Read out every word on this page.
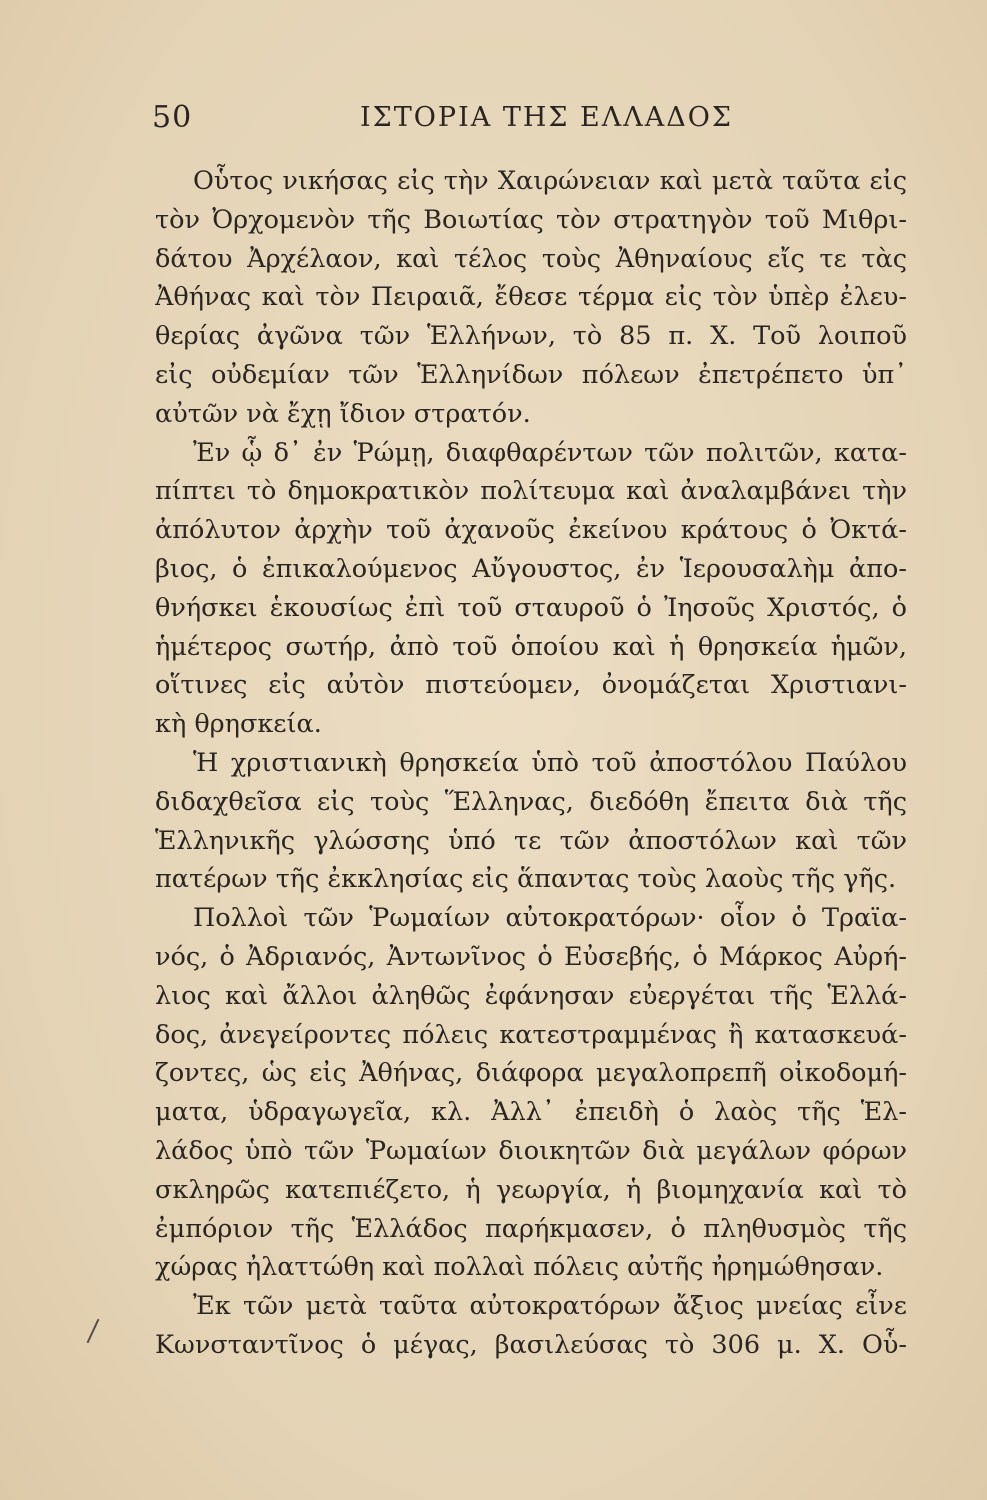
50	ΙΣΤΟΡΙΑ ΤΗΣ ΕΛΛΑΔΟΣ
Οὗτος νικήσας εἰς τὴν Χαιρώνειαν καὶ μετὰ ταῦτα εἰς
τὸν Ὀρχομενὸν τῆς Βοιωτίας τὸν στρατηγὸν τοῦ Μιθρι-
δάτου Ἀρχέλαον, καὶ τέλος τοὺς Ἀθηναίους εἴς τε τὰς
Ἀθήνας καὶ τὸν Πειραιᾶ, ἔθεσε τέρμα εἰς τὸν ὑπὲρ ἐλευ-
θερίας ἀγῶνα τῶν Ἑλλήνων, τὸ 85 π. Χ. Τοῦ λοιποῦ
εἰς οὐδεμίαν τῶν Ἑλληνίδων πόλεων ἐπετρέπετο ὑπ᾽
αὐτῶν νὰ ἔχῃ ἴδιον στρατόν.
Ἐν ᾧ δ᾽ ἐν Ῥώμῃ, διαφθαρέντων τῶν πολιτῶν, κατα-
πίπτει τὸ δημοκρατικὸν πολίτευμα καὶ ἀναλαμβάνει τὴν
ἀπόλυτον ἀρχὴν τοῦ ἀχανοῦς ἐκείνου κράτους ὁ Ὀκτά-
βιος, ὁ ἐπικαλούμενος Αὔγουστος, ἐν Ἱερουσαλὴμ ἀπο-
θνήσκει ἑκουσίως ἐπὶ τοῦ σταυροῦ ὁ Ἰησοῦς Χριστός, ὁ
ἡμέτερος σωτήρ, ἀπὸ τοῦ ὁποίου καὶ ἡ θρησκεία ἡμῶν,
οἵτινες εἰς αὐτὸν πιστεύομεν, ὀνομάζεται Χριστιανι-
κὴ θρησκεία.
Ἡ χριστιανικὴ θρησκεία ὑπὸ τοῦ ἀποστόλου Παύλου
διδαχθεῖσα εἰς τοὺς Ἕλληνας, διεδόθη ἔπειτα διὰ τῆς
Ἑλληνικῆς γλώσσης ὑπό τε τῶν ἀποστόλων καὶ τῶν
πατέρων τῆς ἐκκλησίας εἰς ἅπαντας τοὺς λαοὺς τῆς γῆς.
Πολλοὶ τῶν Ῥωμαίων αὐτοκρατόρων· οἷον ὁ Τραϊα-
νός, ὁ Ἀδριανός, Ἀντωνῖνος ὁ Εὐσεβής, ὁ Μάρκος Αὐρή-
λιος καὶ ἄλλοι ἀληθῶς ἐφάνησαν εὐεργέται τῆς Ἑλλά-
δος, ἀνεγείροντες πόλεις κατεστραμμένας ἢ κατασκευά-
ζοντες, ὡς εἰς Ἀθήνας, διάφορα μεγαλοπρεπῆ οἰκοδομή-
ματα, ὑδραγωγεῖα, κλ. Ἀλλ᾽ ἐπειδὴ ὁ λαὸς τῆς Ἑλ-
λάδος ὑπὸ τῶν Ῥωμαίων διοικητῶν διὰ μεγάλων φόρων
σκληρῶς κατεπιέζετο, ἡ γεωργία, ἡ βιομηχανία καὶ τὸ
ἐμπόριον τῆς Ἑλλάδος παρήκμασεν, ὁ πληθυσμὸς τῆς
χώρας ἠλαττώθη καὶ πολλαὶ πόλεις αὐτῆς ἠρημώθησαν.
Ἐκ τῶν μετὰ ταῦτα αὐτοκρατόρων ἄξιος μνείας εἶνε
Κωνσταντῖνος ὁ μέγας, βασιλεύσας τὸ 306 μ. Χ. Οὗ-
